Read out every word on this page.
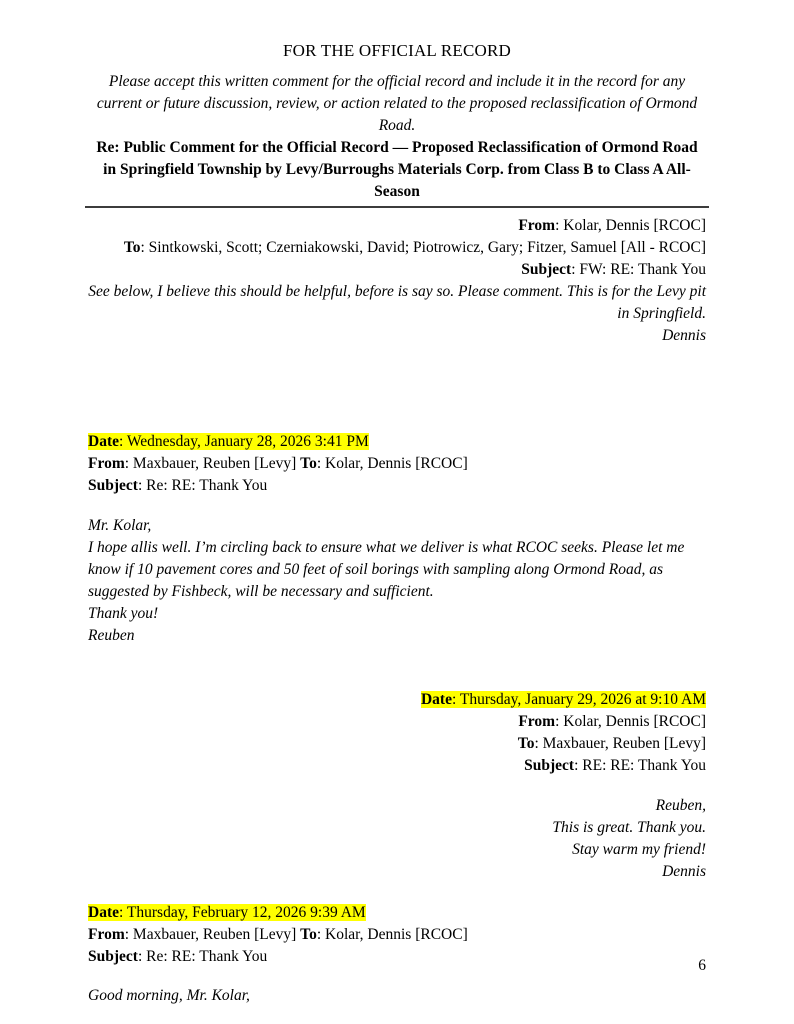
FOR THE OFFICIAL RECORD
Please accept this written comment for the official record and include it in the record for any current or future discussion, review, or action related to the proposed reclassification of Ormond Road.
Re: Public Comment for the Official Record — Proposed Reclassification of Ormond Road in Springfield Township by Levy/Burroughs Materials Corp. from Class B to Class A All-Season
From: Kolar, Dennis [RCOC]
To: Sintkowski, Scott; Czerniakowski, David; Piotrowicz, Gary; Fitzer, Samuel [All - RCOC]
Subject: FW: RE: Thank You
See below, I believe this should be helpful, before is say so. Please comment. This is for the Levy pit in Springfield.
Dennis
Date: Wednesday, January 28, 2026 3:41 PM
From: Maxbauer, Reuben [Levy] To: Kolar, Dennis [RCOC]
Subject: Re: RE: Thank You
Mr. Kolar,
I hope allis well. I’m circling back to ensure what we deliver is what RCOC seeks. Please let me know if 10 pavement cores and 50 feet of soil borings with sampling along Ormond Road, as suggested by Fishbeck, will be necessary and sufficient.
Thank you!
Reuben
Date: Thursday, January 29, 2026 at 9:10 AM
From: Kolar, Dennis [RCOC]
To: Maxbauer, Reuben [Levy]
Subject: RE: RE: Thank You
Reuben,
This is great. Thank you.
Stay warm my friend!
Dennis
Date: Thursday, February 12, 2026 9:39 AM
From: Maxbauer, Reuben [Levy] To: Kolar, Dennis [RCOC]
Subject: Re: RE: Thank You
Good morning, Mr. Kolar,
6
